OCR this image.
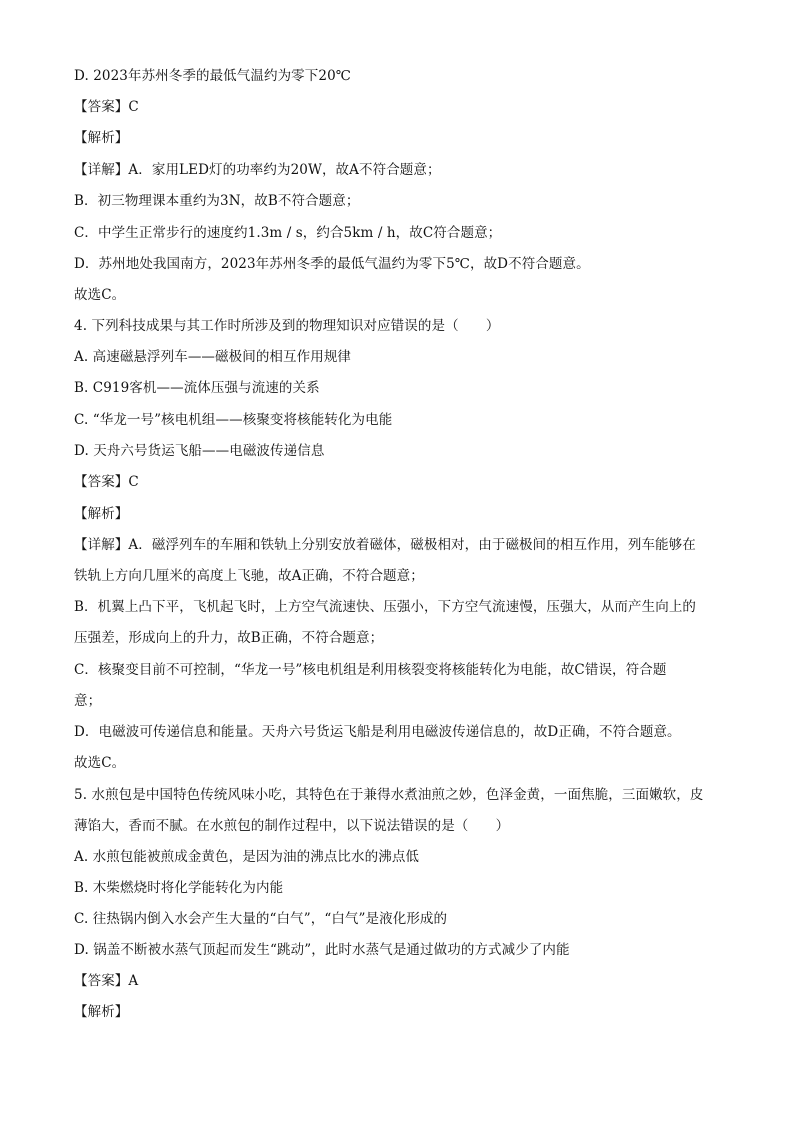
D. 2023年苏州冬季的最低气温约为零下20℃
【答案】C
【解析】
【详解】A．家用LED灯的功率约为20W，故A不符合题意；
B．初三物理课本重约为3N，故B不符合题意；
C．中学生正常步行的速度约1.3m / s，约合5km / h，故C符合题意；
D．苏州地处我国南方，2023年苏州冬季的最低气温约为零下5℃，故D不符合题意。
故选C。
4. 下列科技成果与其工作时所涉及到的物理知识对应错误的是（　　）
A. 高速磁悬浮列车——磁极间的相互作用规律
B. C919客机——流体压强与流速的关系
C. “华龙一号”核电机组——核聚变将核能转化为电能
D. 天舟六号货运飞船——电磁波传递信息
【答案】C
【解析】
【详解】A．磁浮列车的车厢和铁轨上分别安放着磁体，磁极相对，由于磁极间的相互作用，列车能够在
铁轨上方向几厘米的高度上飞驰，故A正确，不符合题意；
B．机翼上凸下平，飞机起飞时，上方空气流速快、压强小，下方空气流速慢，压强大，从而产生向上的
压强差，形成向上的升力，故B正确，不符合题意；
C．核聚变目前不可控制，“华龙一号”核电机组是利用核裂变将核能转化为电能，故C错误，符合题
意；
D．电磁波可传递信息和能量。天舟六号货运飞船是利用电磁波传递信息的，故D正确，不符合题意。
故选C。
5. 水煎包是中国特色传统风味小吃，其特色在于兼得水煮油煎之妙，色泽金黄，一面焦脆，三面嫩软，皮
薄馅大，香而不腻。在水煎包的制作过程中，以下说法错误的是（　　）
A. 水煎包能被煎成金黄色，是因为油的沸点比水的沸点低
B. 木柴燃烧时将化学能转化为内能
C. 往热锅内倒入水会产生大量的“白气”，“白气”是液化形成的
D. 锅盖不断被水蒸气顶起而发生“跳动”，此时水蒸气是通过做功的方式减少了内能
【答案】A
【解析】
